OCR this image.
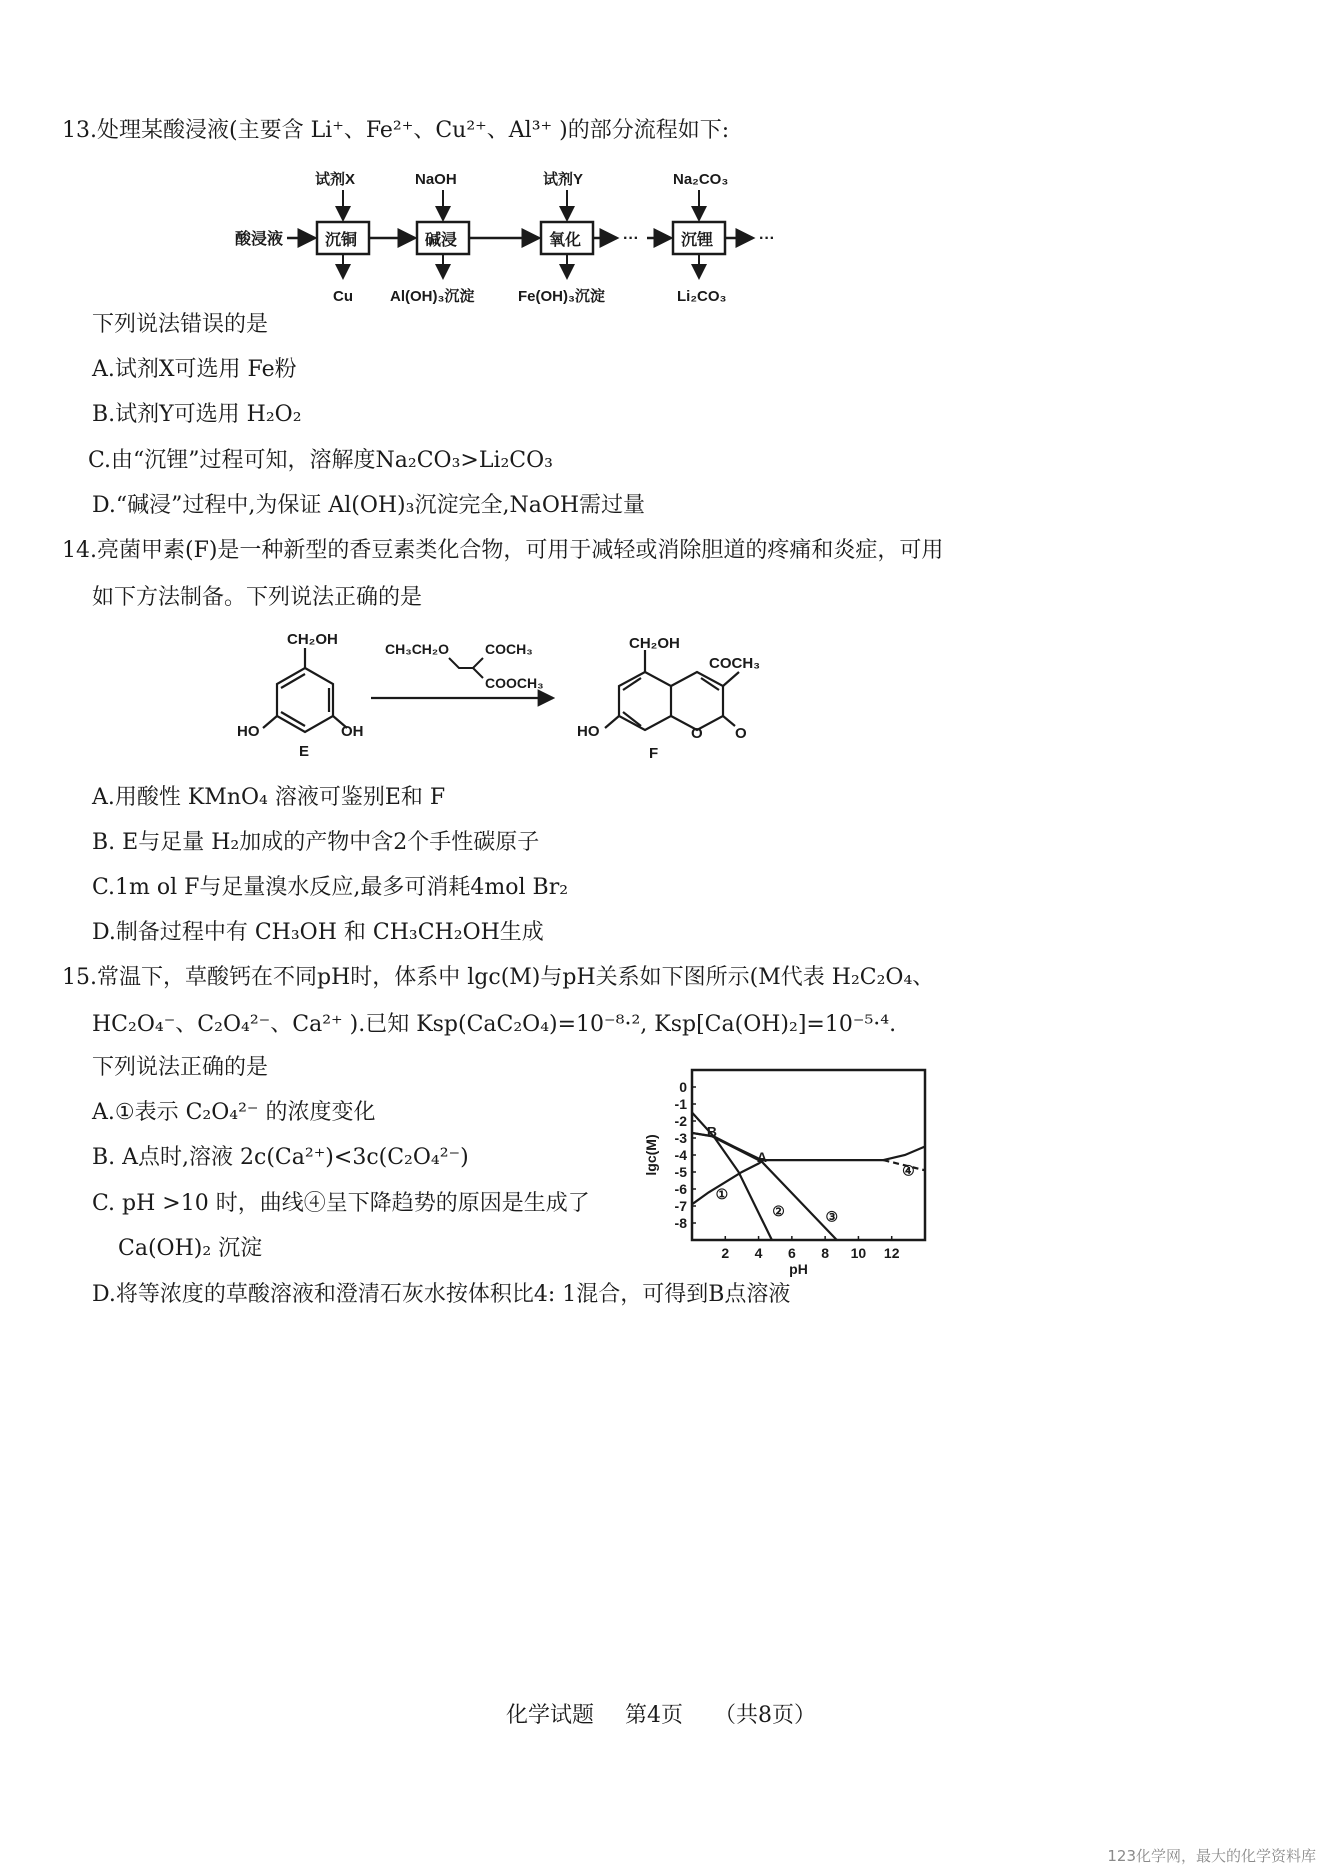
13.处理某酸浸液(主要含 Li⁺、Fe²⁺、Cu²⁺、Al³⁺ )的部分流程如下:
酸浸液	沉铜
试剂X
Cu
碱浸
NaOH
Al(OH)₃沉淀
氧化
试剂Y
Fe(OH)₃沉淀
···	沉锂
Na₂CO₃
Li₂CO₃
···
下列说法错误的是
A.试剂X可选用 Fe粉
B.试剂Y可选用 H₂O₂
C.由“沉锂”过程可知，溶解度Na₂CO₃>Li₂CO₃
D.“碱浸”过程中,为保证 Al(OH)₃沉淀完全,NaOH需过量
14.亮菌甲素(F)是一种新型的香豆素类化合物，可用于减轻或消除胆道的疼痛和炎症，可用
如下方法制备。下列说法正确的是
CH₂OH
HO	OH
E
CH₃CH₂O	COCH₃
COOCH₃
CH₂OH
COCH₃
HO	O O
F
A.用酸性 KMnO₄ 溶液可鉴别E和 F
B. E与足量 H₂加成的产物中含2个手性碳原子
C.1m ol F与足量溴水反应,最多可消耗4mol Br₂
D.制备过程中有 CH₃OH 和 CH₃CH₂OH生成
15.常温下，草酸钙在不同pH时，体系中 lgc(M)与pH关系如下图所示(M代表 H₂C₂O₄、
HC₂O₄⁻、C₂O₄²⁻、Ca²⁺ ).已知 Ksp(CaC₂O₄)=10⁻⁸·², Ksp[Ca(OH)₂]=10⁻⁵·⁴.
下列说法正确的是
A.①表示 C₂O₄²⁻ 的浓度变化
B. A点时,溶液 2c(Ca²⁺)<3c(C₂O₄²⁻)
C. pH >10 时，曲线④呈下降趋势的原因是生成了
Ca(OH)₂ 沉淀
D.将等浓度的草酸溶液和澄清石灰水按体积比4: 1混合，可得到B点溶液
2 4 6 8 10 12
0
-1
-2
-3
-4
-5
-6
-7
-8
pH
lgc(M)	A
B
①
②	③
④
化学试题 第4页 （共8页）
123化学网，最大的化学资料库
